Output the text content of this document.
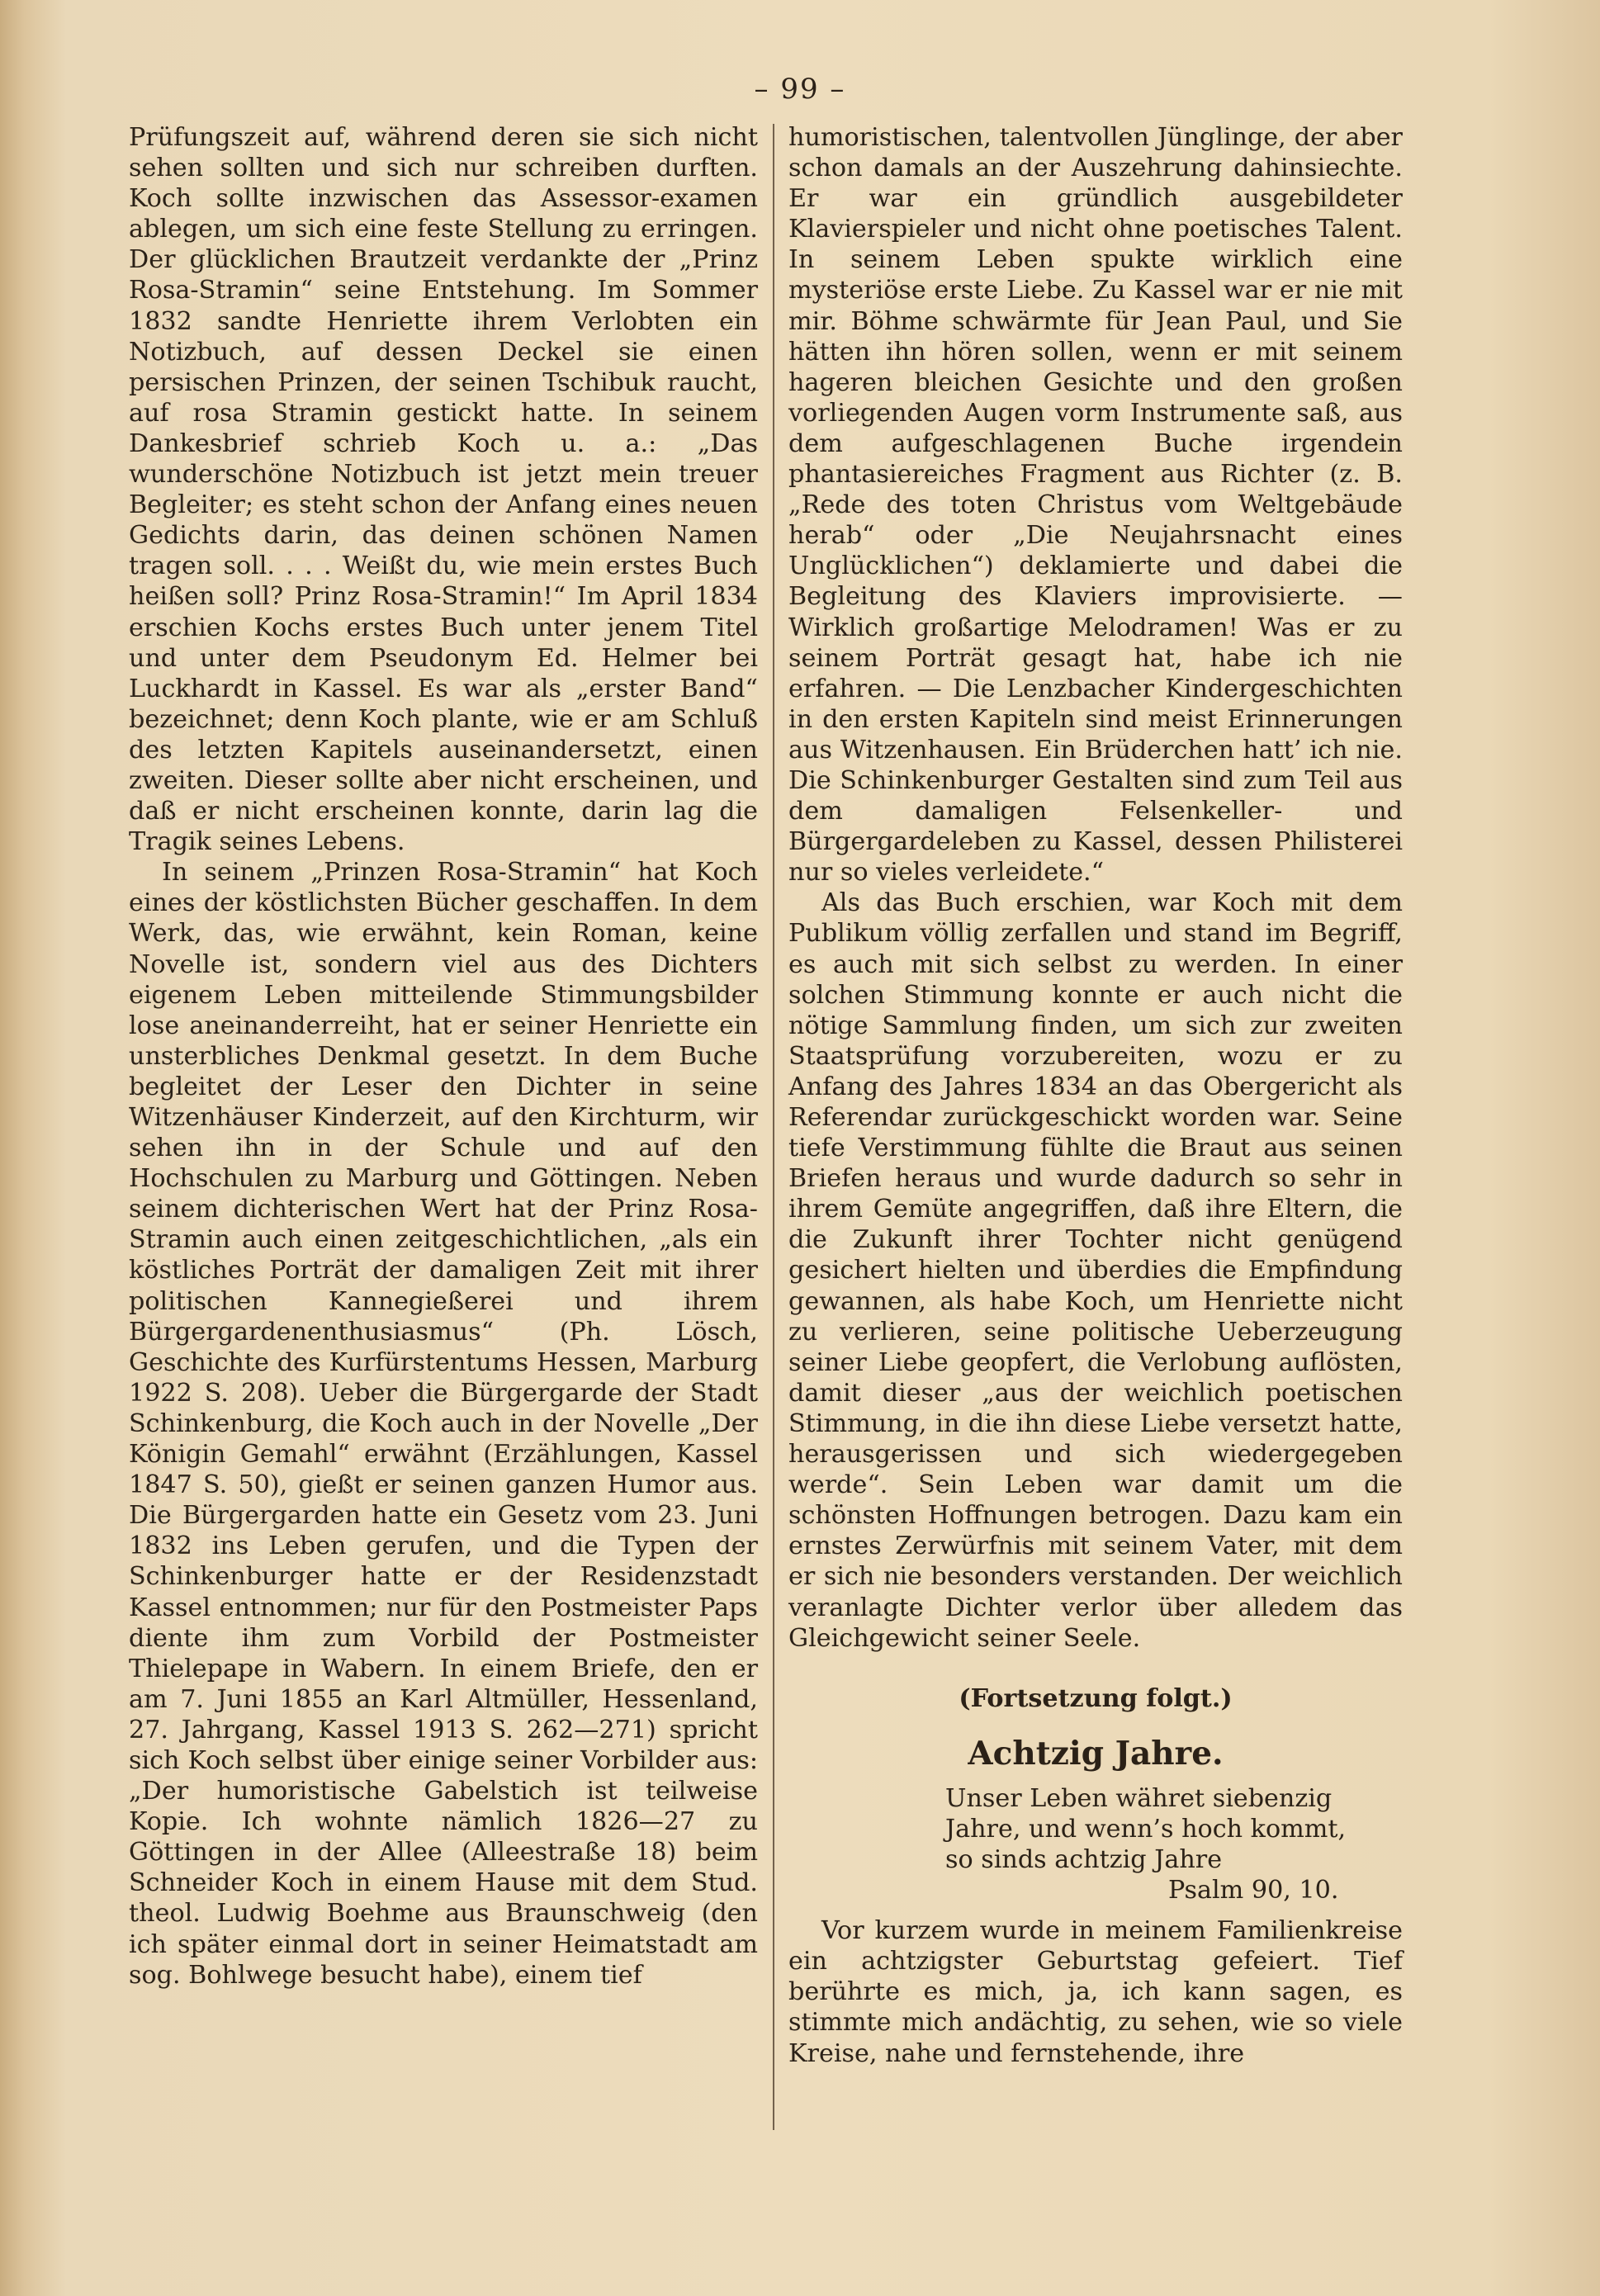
– 99 –

Prüfungszeit auf, während deren sie sich nicht sehen sollten und sich nur schreiben durften. Koch sollte inzwischen das Assessor-examen ablegen, um sich eine feste Stellung zu erringen. Der glücklichen Brautzeit verdankte der „Prinz Rosa-Stramin“ seine Entstehung. Im Sommer 1832 sandte Henriette ihrem Verlobten ein Notizbuch, auf dessen Deckel sie einen persischen Prinzen, der seinen Tschibuk raucht, auf rosa Stramin gestickt hatte. In seinem Dankesbrief schrieb Koch u. a.: „Das wunderschöne Notizbuch ist jetzt mein treuer Begleiter; es steht schon der Anfang eines neuen Gedichts darin, das deinen schönen Namen tragen soll. . . . Weißt du, wie mein erstes Buch heißen soll? Prinz Rosa-Stramin!“ Im April 1834 erschien Kochs erstes Buch unter jenem Titel und unter dem Pseudonym Ed. Helmer bei Luckhardt in Kassel. Es war als „erster Band“ bezeichnet; denn Koch plante, wie er am Schluß des letzten Kapitels auseinandersetzt, einen zweiten. Dieser sollte aber nicht erscheinen, und daß er nicht erscheinen konnte, darin lag die Tragik seines Lebens.

In seinem „Prinzen Rosa-Stramin“ hat Koch eines der köstlichsten Bücher geschaffen. In dem Werk, das, wie erwähnt, kein Roman, keine Novelle ist, sondern viel aus des Dichters eigenem Leben mitteilende Stimmungsbilder lose aneinanderreiht, hat er seiner Henriette ein unsterbliches Denkmal gesetzt. In dem Buche begleitet der Leser den Dichter in seine Witzenhäuser Kinderzeit, auf den Kirchturm, wir sehen ihn in der Schule und auf den Hochschulen zu Marburg und Göttingen. Neben seinem dichterischen Wert hat der Prinz Rosa-Stramin auch einen zeitgeschichtlichen, „als ein köstliches Porträt der damaligen Zeit mit ihrer politischen Kannegießerei und ihrem Bürgergardenenthusiasmus“ (Ph. Lösch, Geschichte des Kurfürstentums Hessen, Marburg 1922 S. 208). Ueber die Bürgergarde der Stadt Schinkenburg, die Koch auch in der Novelle „Der Königin Gemahl“ erwähnt (Erzählungen, Kassel 1847 S. 50), gießt er seinen ganzen Humor aus. Die Bürgergarden hatte ein Gesetz vom 23. Juni 1832 ins Leben gerufen, und die Typen der Schinkenburger hatte er der Residenzstadt Kassel entnommen; nur für den Postmeister Paps diente ihm zum Vorbild der Postmeister Thielepape in Wabern. In einem Briefe, den er am 7. Juni 1855 an Karl Altmüller, Hessenland, 27. Jahrgang, Kassel 1913 S. 262—271) spricht sich Koch selbst über einige seiner Vorbilder aus: „Der humoristische Gabelstich ist teilweise Kopie. Ich wohnte nämlich 1826—27 zu Göttingen in der Allee (Alleestraße 18) beim Schneider Koch in einem Hause mit dem Stud. theol. Ludwig Boehme aus Braunschweig (den ich später einmal dort in seiner Heimatstadt am sog. Bohlwege besucht habe), einem tief

humoristischen, talentvollen Jünglinge, der aber schon damals an der Auszehrung dahinsiechte. Er war ein gründlich ausgebildeter Klavierspieler und nicht ohne poetisches Talent. In seinem Leben spukte wirklich eine mysteriöse erste Liebe. Zu Kassel war er nie mit mir. Böhme schwärmte für Jean Paul, und Sie hätten ihn hören sollen, wenn er mit seinem hageren bleichen Gesichte und den großen vorliegenden Augen vorm Instrumente saß, aus dem aufgeschlagenen Buche irgendein phantasiereiches Fragment aus Richter (z. B. „Rede des toten Christus vom Weltgebäude herab“ oder „Die Neujahrsnacht eines Unglücklichen“) deklamierte und dabei die Begleitung des Klaviers improvisierte. — Wirklich großartige Melodramen! Was er zu seinem Porträt gesagt hat, habe ich nie erfahren. — Die Lenzbacher Kindergeschichten in den ersten Kapiteln sind meist Erinnerungen aus Witzenhausen. Ein Brüderchen hatt’ ich nie. Die Schinkenburger Gestalten sind zum Teil aus dem damaligen Felsenkeller- und Bürgergardeleben zu Kassel, dessen Philisterei nur so vieles verleidete.“

Als das Buch erschien, war Koch mit dem Publikum völlig zerfallen und stand im Begriff, es auch mit sich selbst zu werden. In einer solchen Stimmung konnte er auch nicht die nötige Sammlung finden, um sich zur zweiten Staatsprüfung vorzubereiten, wozu er zu Anfang des Jahres 1834 an das Obergericht als Referendar zurückgeschickt worden war. Seine tiefe Verstimmung fühlte die Braut aus seinen Briefen heraus und wurde dadurch so sehr in ihrem Gemüte angegriffen, daß ihre Eltern, die die Zukunft ihrer Tochter nicht genügend gesichert hielten und überdies die Empfindung gewannen, als habe Koch, um Henriette nicht zu verlieren, seine politische Ueberzeugung seiner Liebe geopfert, die Verlobung auflösten, damit dieser „aus der weichlich poetischen Stimmung, in die ihn diese Liebe versetzt hatte, herausgerissen und sich wiedergegeben werde“. Sein Leben war damit um die schönsten Hoffnungen betrogen. Dazu kam ein ernstes Zerwürfnis mit seinem Vater, mit dem er sich nie besonders verstanden. Der weichlich veranlagte Dichter verlor über alledem das Gleichgewicht seiner Seele.

(Fortsetzung folgt.)
Achtzig Jahre.
Unser Leben währet siebenzig
Jahre, und wenn’s hoch kommt,
so sinds achtzig Jahre
Psalm 90, 10.

Vor kurzem wurde in meinem Familienkreise ein achtzigster Geburtstag gefeiert. Tief berührte es mich, ja, ich kann sagen, es stimmte mich andächtig, zu sehen, wie so viele Kreise, nahe und fernstehende, ihre
